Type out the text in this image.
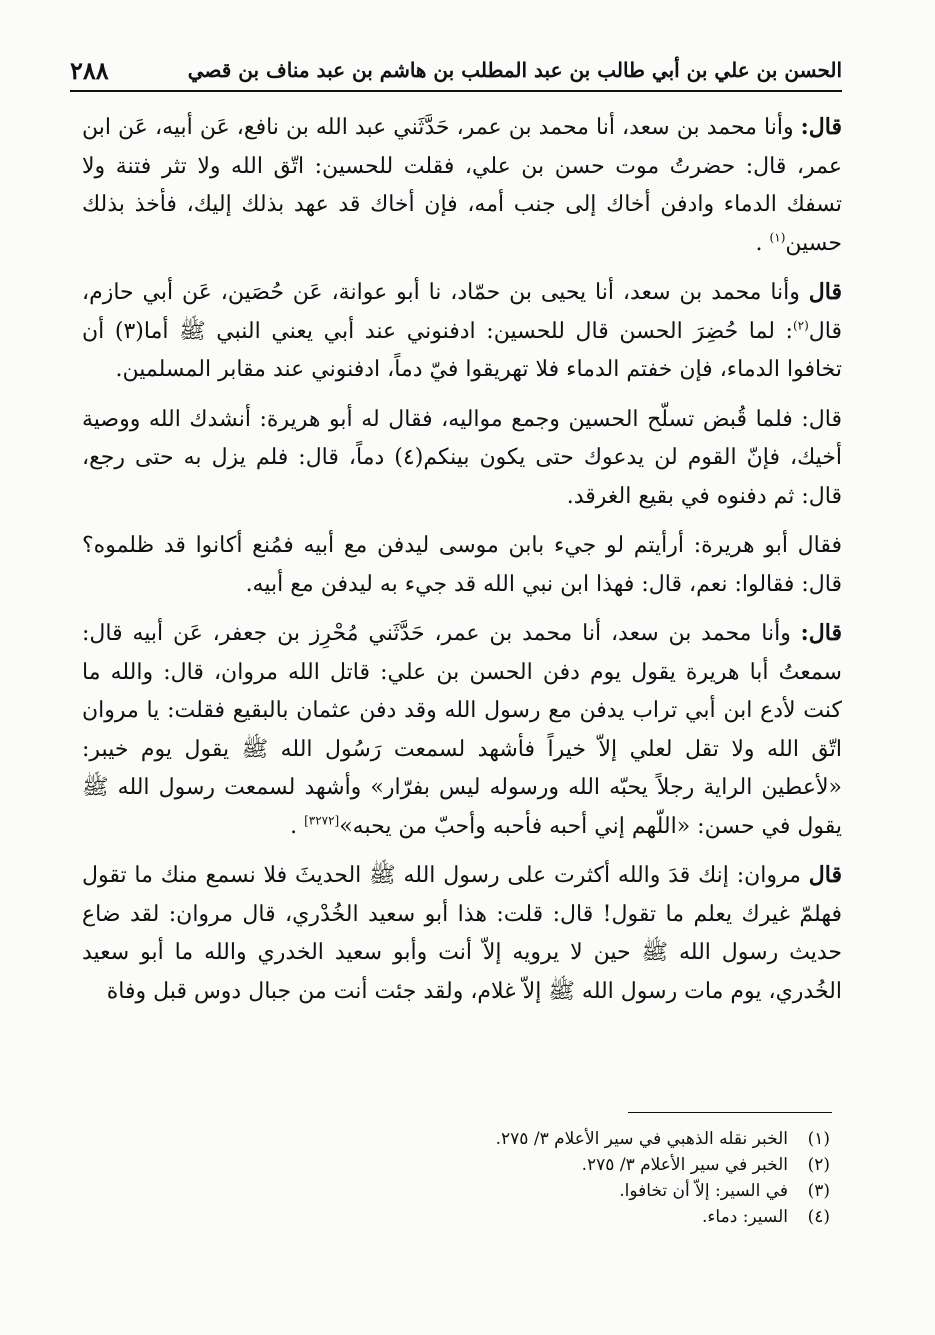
الحسن بن علي بن أبي طالب بن عبد المطلب بن هاشم بن عبد مناف بن قصي
٢٨٨

قال: وأنا محمد بن سعد، أنا محمد بن عمر، حَدَّثَني عبد الله بن نافع، عَن أبيه، عَن ابن عمر، قال: حضرتُ موت حسن بن علي، فقلت للحسين: اتّق الله ولا تثر فتنة ولا تسفك الدماء وادفن أخاك إلى جنب أمه، فإن أخاك قد عهد بذلك إليك، فأخذ بذلك حسين$^{(١)}$ .

قال وأنا محمد بن سعد، أنا يحيى بن حمّاد، نا أبو عوانة، عَن حُصَين، عَن أبي حازم، قال$^{(٢)}$: لما حُضِرَ الحسن قال للحسين: ادفنوني عند أبي يعني النبي ﷺ أما(٣) أن تخافوا الدماء، فإن خفتم الدماء فلا تهريقوا فيّ دماً، ادفنوني عند مقابر المسلمين.

قال: فلما قُبض تسلّح الحسين وجمع مواليه، فقال له أبو هريرة: أنشدك الله ووصية أخيك، فإنّ القوم لن يدعوك حتى يكون بينكم(٤) دماً، قال: فلم يزل به حتى رجع، قال: ثم دفنوه في بقيع الغرقد.

فقال أبو هريرة: أرأيتم لو جيء بابن موسى ليدفن مع أبيه فمُنع أكانوا قد ظلموه؟ قال: فقالوا: نعم، قال: فهذا ابن نبي الله قد جيء به ليدفن مع أبيه.

قال: وأنا محمد بن سعد، أنا محمد بن عمر، حَدَّثَني مُحْرِز بن جعفر، عَن أبيه قال: سمعتُ أبا هريرة يقول يوم دفن الحسن بن علي: قاتل الله مروان، قال: والله ما كنت لأدع ابن أبي تراب يدفن مع رسول الله وقد دفن عثمان بالبقيع فقلت: يا مروان اتّق الله ولا تقل لعلي إلاّ خيراً فأشهد لسمعت رَسُول الله ﷺ يقول يوم خيبر: «لأعطين الراية رجلاً يحبّه الله ورسوله ليس بفرّار» وأشهد لسمعت رسول الله ﷺ يقول في حسن: «اللّهم إني أحبه فأحبه وأحبّ من يحبه»[٣٢٧٢] .

قال مروان: إنك قدَ والله أكثرت على رسول الله ﷺ الحديثَ فلا نسمع منك ما تقول فهلمّ غيرك يعلم ما تقول! قال: قلت: هذا أبو سعيد الخُدْري، قال مروان: لقد ضاع حديث رسول الله ﷺ حين لا يرويه إلاّ أنت وأبو سعيد الخدري والله ما أبو سعيد الخُدري، يوم مات رسول الله ﷺ إلاّ غلام، ولقد جئت أنت من جبال دوس قبل وفاة

(١)الخبر نقله الذهبي في سير الأعلام ٣/ ٢٧٥.
(٢)الخبر في سير الأعلام ٣/ ٢٧٥.
(٣)في السير: إلاّ أن تخافوا.
(٤)السير: دماء.
